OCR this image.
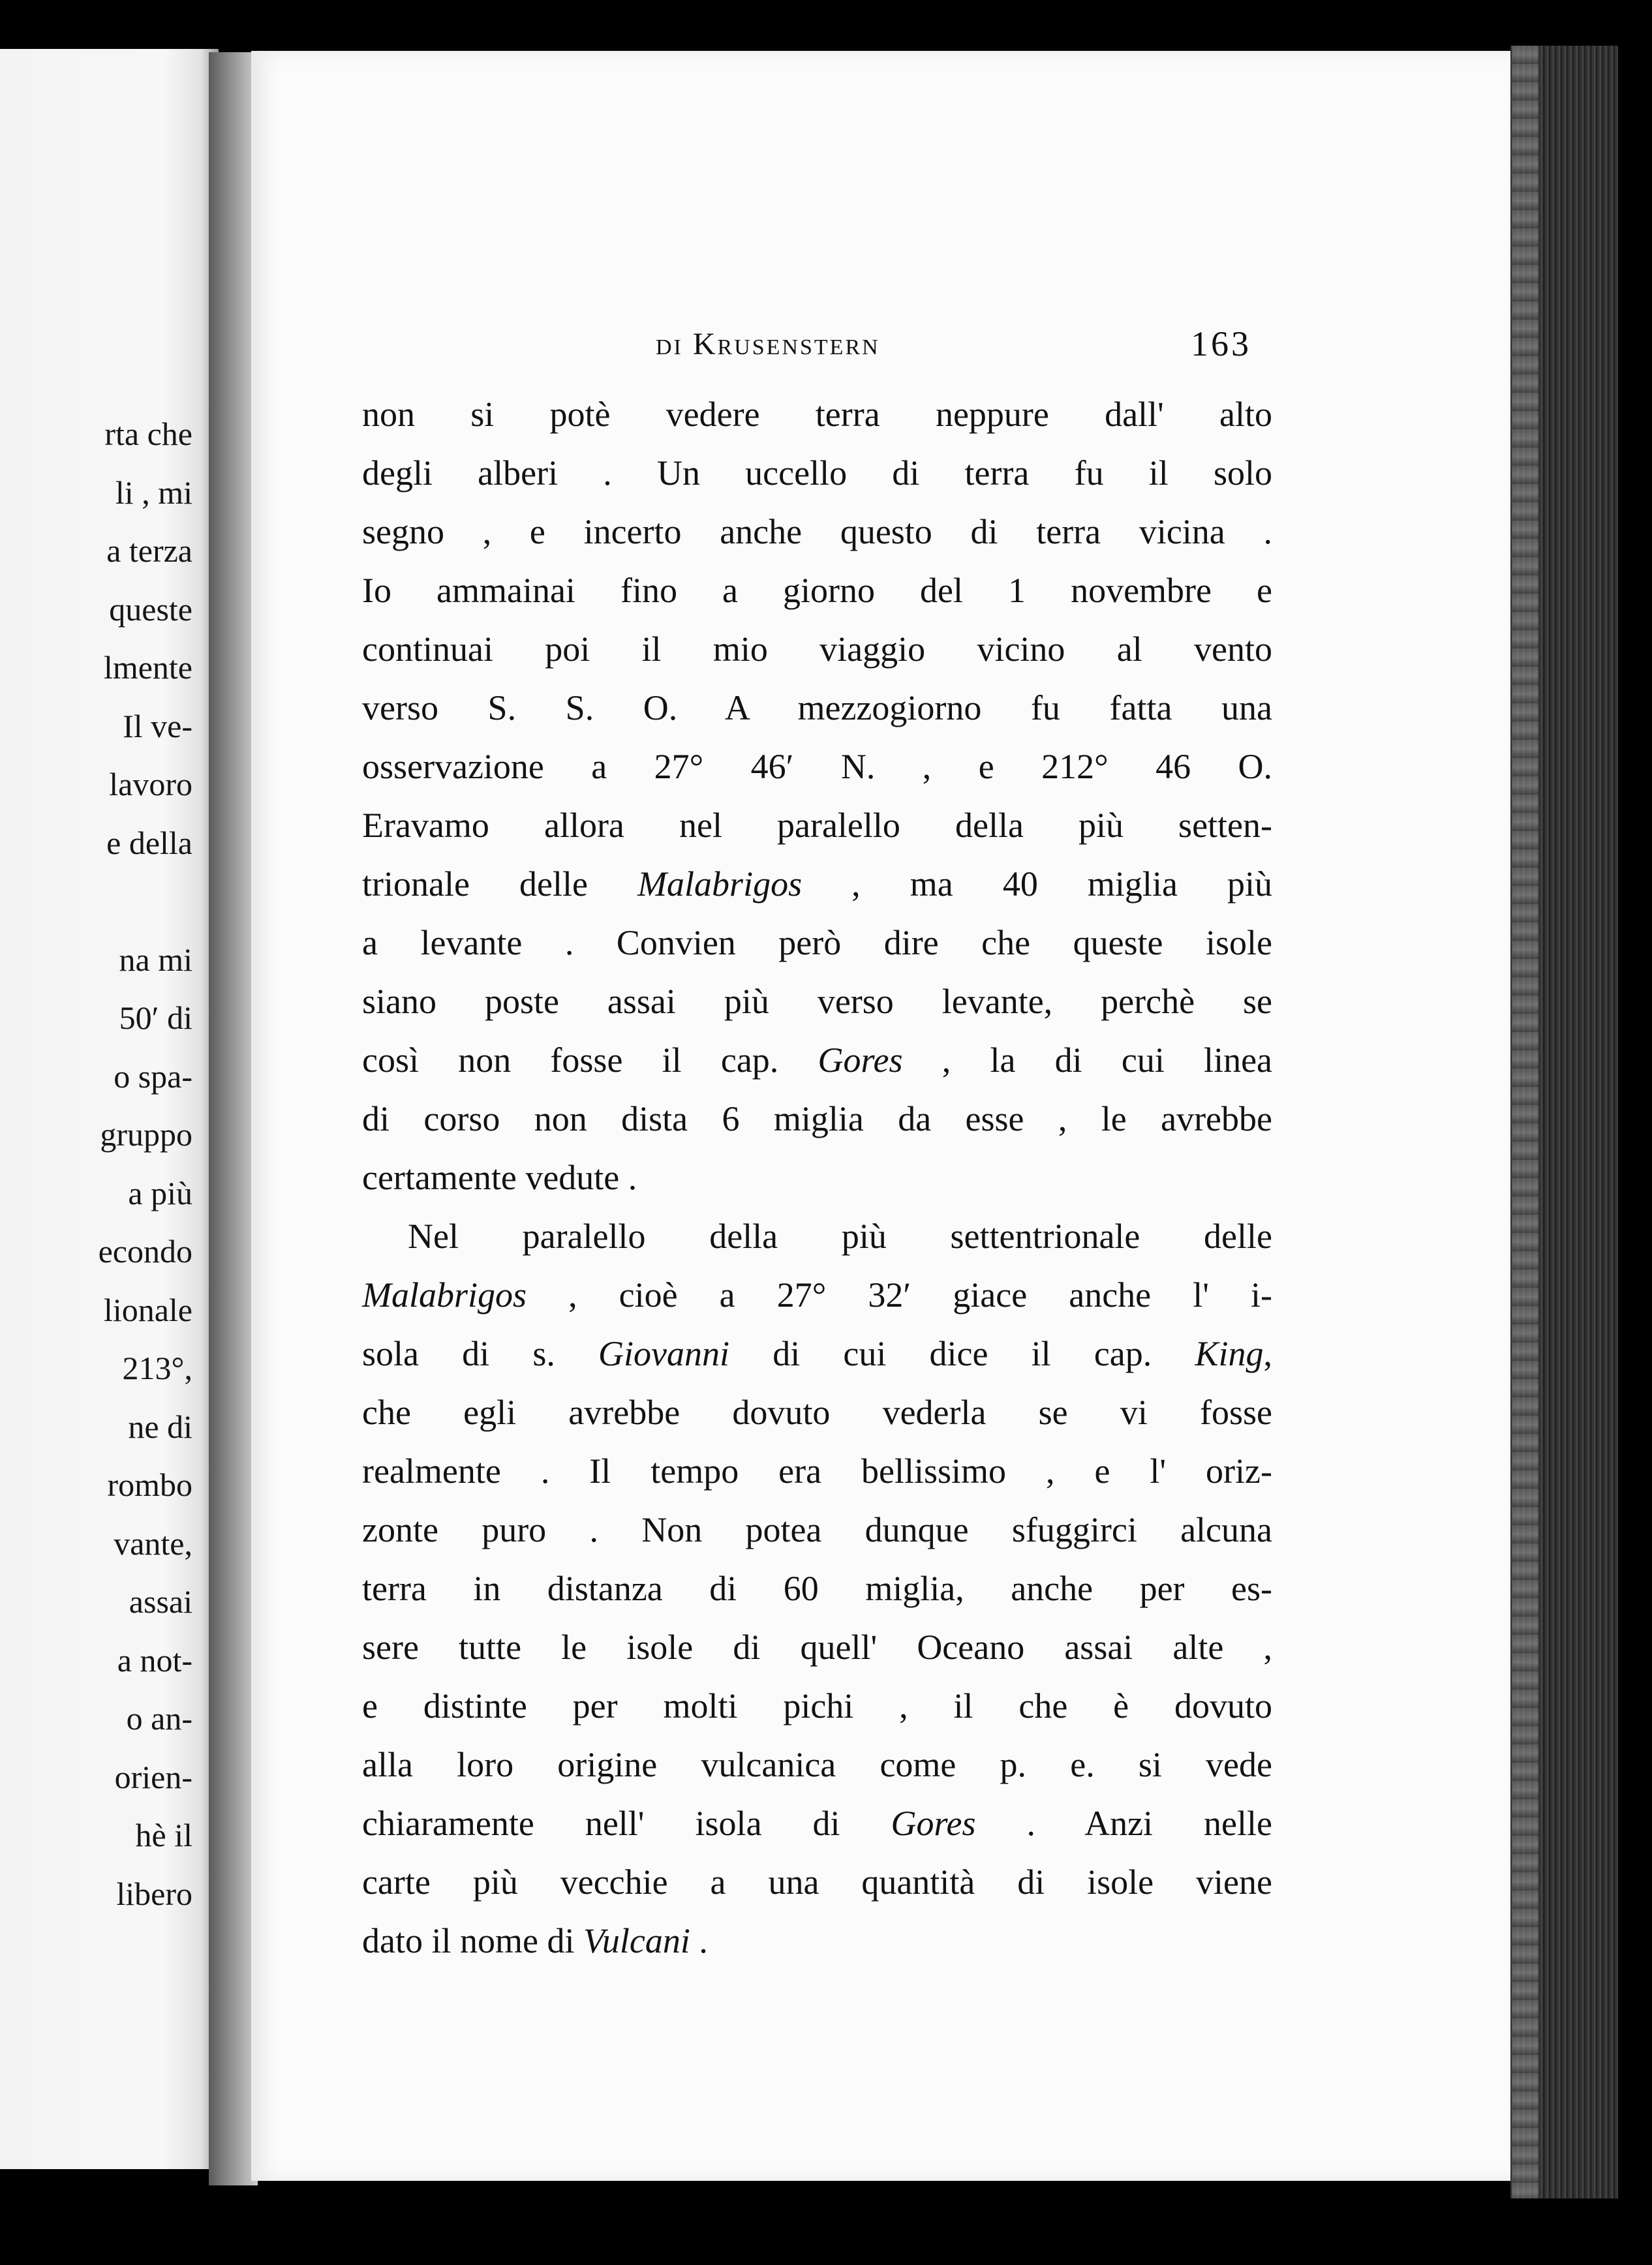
rta che
li , mi
a terza
queste
lmente
Il ve-
lavoro
e della
na mi
50′ di
o spa-
gruppo
a più
econdo
lionale
213°,
ne di
rombo
vante,
assai
a not-
o an-
orien-
hè il
libero
di Krusenstern	163
non si potè vedere terra neppure dall' alto
degli alberi . Un uccello di terra fu il solo
segno , e incerto anche questo di terra vicina .
Io ammainai fino a giorno del 1 novembre e
continuai poi il mio viaggio vicino al vento
verso S. S. O. A mezzogiorno fu fatta una
osservazione a 27° 46′ N. , e 212° 46 O.
Eravamo allora nel paralello della più setten-
trionale delle Malabrigos , ma 40 miglia più
a levante . Convien però dire che queste isole
siano poste assai più verso levante, perchè se
così non fosse il cap. Gores , la di cui linea
di corso non dista 6 miglia da esse , le avrebbe
certamente vedute .
Nel paralello della più settentrionale delle
Malabrigos , cioè a 27° 32′ giace anche l' i-
sola di s. Giovanni di cui dice il cap. King,
che egli avrebbe dovuto vederla se vi fosse
realmente . Il tempo era bellissimo , e l' oriz-
zonte puro . Non potea dunque sfuggirci alcuna
terra in distanza di 60 miglia, anche per es-
sere tutte le isole di quell' Oceano assai alte ,
e distinte per molti pichi , il che è dovuto
alla loro origine vulcanica come p. e. si vede
chiaramente nell' isola di Gores . Anzi nelle
carte più vecchie a una quantità di isole viene
dato il nome di Vulcani .
